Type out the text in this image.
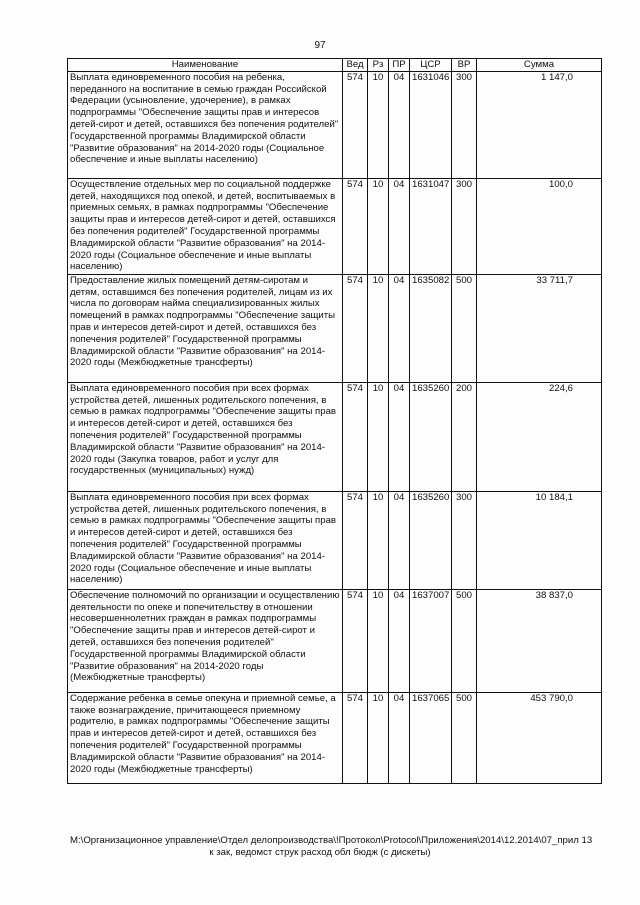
97
Наименование	Вед	Рз	ПР	ЦСР	ВР	Сумма
Выплата единовременного пособия на ребенка, переданного на воспитание в семью граждан Российской Федерации (усыновление, удочерение), в рамках подпрограммы "Обеспечение защиты прав и интересов детей-сирот и детей, оставшихся без попечения родителей" Государственной программы Владимирской области "Развитие образования" на 2014-2020 годы (Социальное обеспечение и иные выплаты населению)	574	10	04	1631046	300	1 147,0
Осуществление отдельных мер по социальной поддержке детей, находящихся под опекой, и детей, воспитываемых в приемных семьях, в рамках подпрограммы "Обеспечение защиты прав и интересов детей-сирот и детей, оставшихся без попечения родителей" Государственной программы Владимирской области "Развитие образования" на 2014-2020 годы (Социальное обеспечение и иные выплаты населению)	574	10	04	1631047	300	100,0
Предоставление жилых помещений детям-сиротам и детям, оставшимся без попечения родителей, лицам из их числа по договорам найма специализированных жилых помещений в рамках подпрограммы "Обеспечение защиты прав и интересов детей-сирот и детей, оставшихся без попечения родителей" Государственной программы Владимирской области "Развитие образования" на 2014-2020 годы (Межбюджетные трансферты)	574	10	04	1635082	500	33 711,7
Выплата единовременного пособия при всех формах устройства детей, лишенных родительского попечения, в семью в рамках подпрограммы "Обеспечение защиты прав и интересов детей-сирот и детей, оставшихся без попечения родителей" Государственной программы Владимирской области "Развитие образования" на 2014-2020 годы (Закупка товаров, работ и услуг для государственных (муниципальных) нужд)	574	10	04	1635260	200	224,6
Выплата единовременного пособия при всех формах устройства детей, лишенных родительского попечения, в семью в рамках подпрограммы "Обеспечение защиты прав и интересов детей-сирот и детей, оставшихся без попечения родителей" Государственной программы Владимирской области "Развитие образования" на 2014-2020 годы (Социальное обеспечение и иные выплаты населению)	574	10	04	1635260	300	10 184,1
Обеспечение полномочий по организации и осуществлению деятельности по опеке и попечительству в отношении несовершеннолетних граждан в рамках подпрограммы "Обеспечение защиты прав и интересов детей-сирот и детей, оставшихся без попечения родителей" Государственной программы Владимирской области "Развитие образования" на 2014-2020 годы (Межбюджетные трансферты)	574	10	04	1637007	500	38 837,0
Содержание ребенка в семье опекуна и приемной семье, а также вознаграждение, причитающееся приемному родителю, в рамках подпрограммы "Обеспечение защиты прав и интересов детей-сирот и детей, оставшихся без попечения родителей" Государственной программы Владимирской области "Развитие образования" на 2014-2020 годы (Межбюджетные трансферты)	574	10	04	1637065	500	453 790,0
M:\Организационное управление\Отдел делопроизводства\!Протокол\Protocol\Приложения\2014\12.2014\07_прил 13
к зак, ведомст струк расход обл бюдж (с дискеты)
